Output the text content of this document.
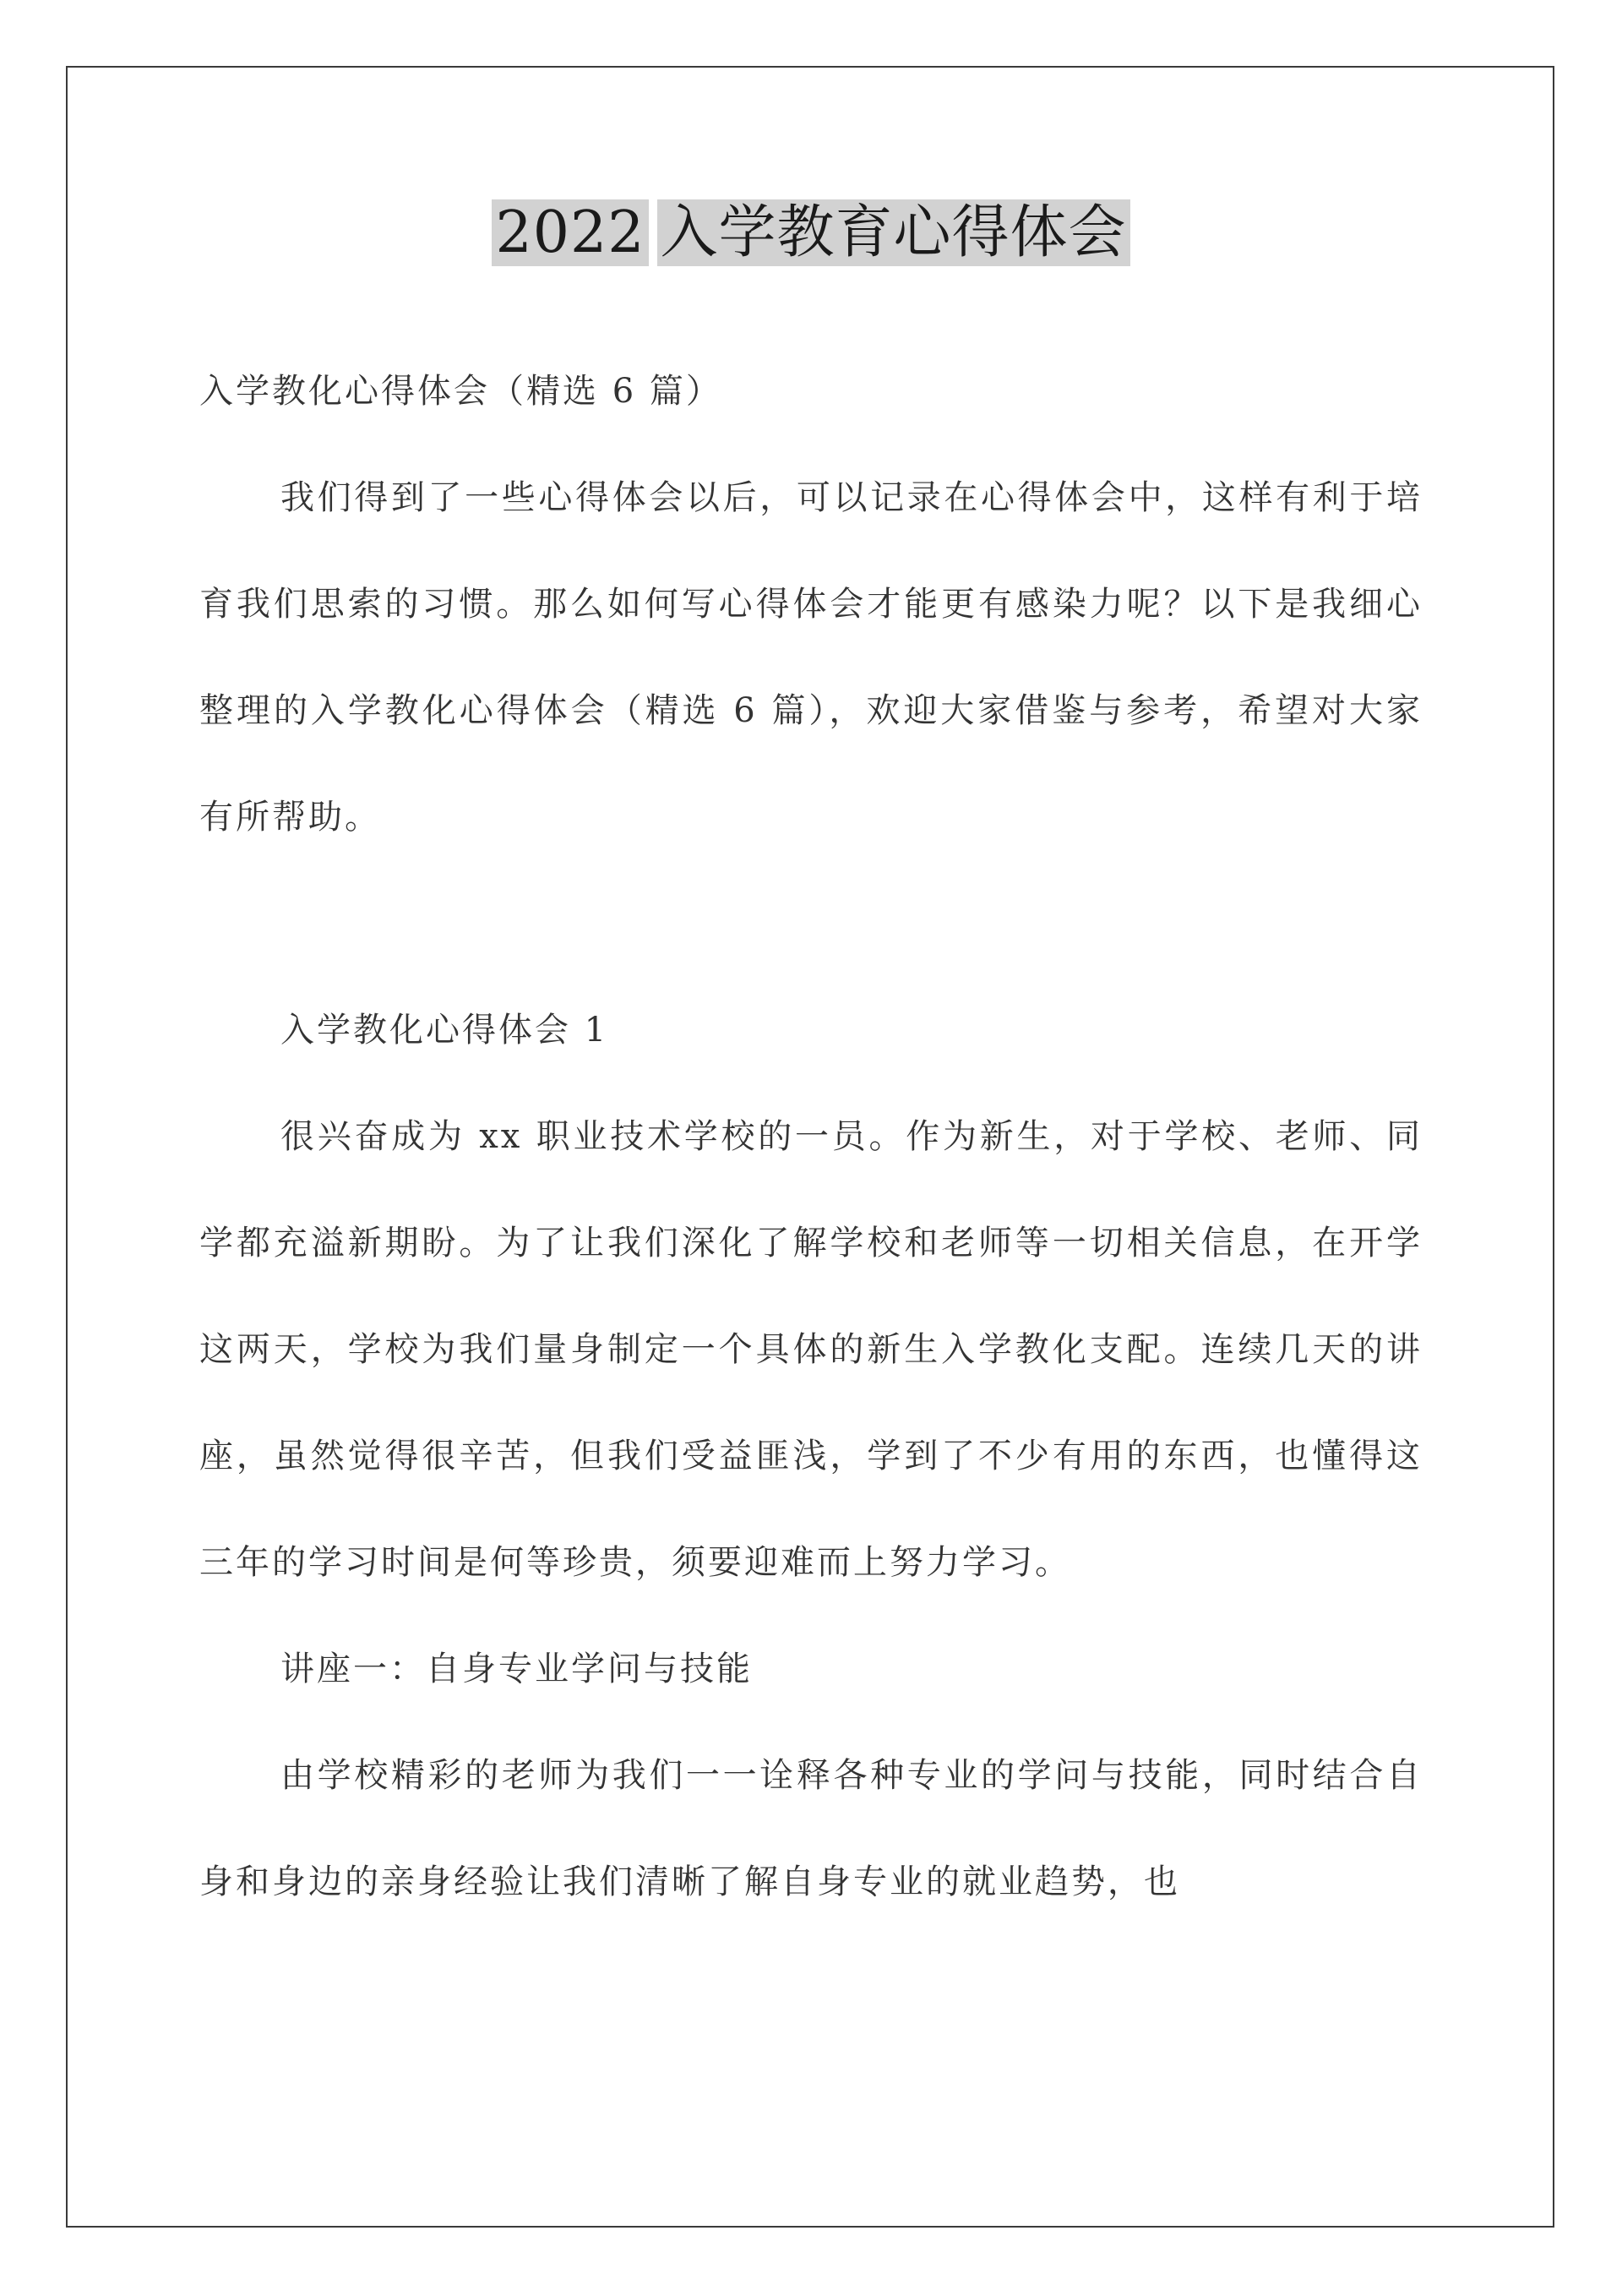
2022 入学教育心得体会

入学教化心得体会（精选 6 篇）

我们得到了一些心得体会以后，可以记录在心得体会中，这样有利于培育我们思索的习惯。那么如何写心得体会才能更有感染力呢？以下是我细心整理的入学教化心得体会（精选 6 篇），欢迎大家借鉴与参考，希望对大家有所帮助。

入学教化心得体会 1

很兴奋成为 xx 职业技术学校的一员。作为新生，对于学校、老师、同学都充溢新期盼。为了让我们深化了解学校和老师等一切相关信息，在开学这两天，学校为我们量身制定一个具体的新生入学教化支配。连续几天的讲座，虽然觉得很辛苦，但我们受益匪浅，学到了不少有用的东西，也懂得这三年的学习时间是何等珍贵，须要迎难而上努力学习。

讲座一：自身专业学问与技能

由学校精彩的老师为我们一一诠释各种专业的学问与技能，同时结合自身和身边的亲身经验让我们清晰了解自身专业的就业趋势，也
